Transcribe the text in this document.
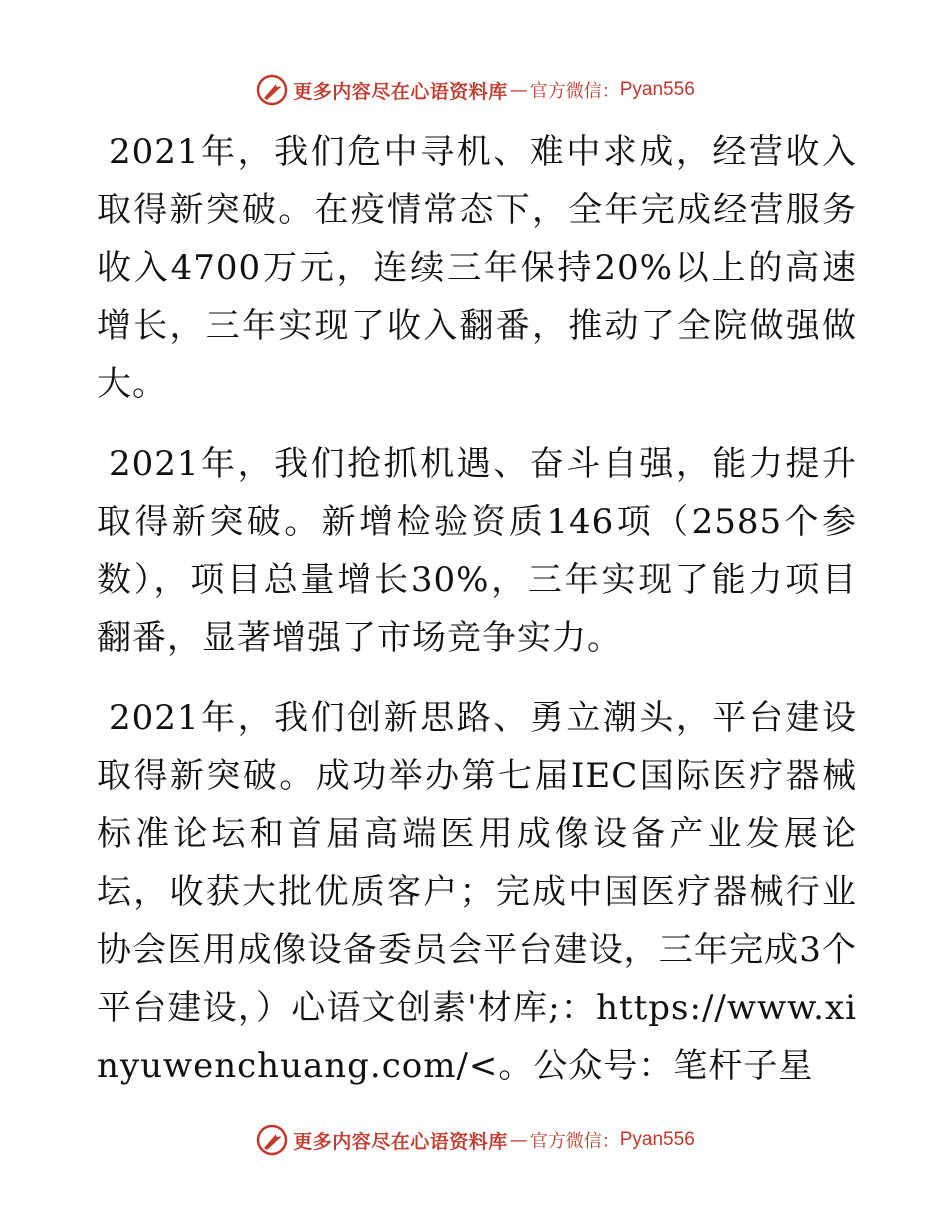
更多内容尽在心语资料库 — 官方微信： Pyan556

2021年，我们危中寻机、难中求成，经营收入取得新突破。在疫情常态下，全年完成经营服务收入4700万元，连续三年保持20%以上的高速增长，三年实现了收入翻番，推动了全院做强做大。

2021年，我们抢抓机遇、奋斗自强，能力提升取得新突破。新增检验资质146项（2585个参数），项目总量增长30%，三年实现了能力项目翻番，显著增强了市场竞争实力。

2021年，我们创新思路、勇立潮头，平台建设取得新突破。成功举办第七届IEC国际医疗器械标准论坛和首届高端医用成像设备产业发展论坛，收获大批优质客户；完成中国医疗器械行业协会医用成像设备委员会平台建设，三年完成3个平台建设，）心语文创素'材库;：https://www.xinyuwenchuang.com/<。公众号：笔杆子星

更多内容尽在心语资料库 — 官方微信： Pyan556
